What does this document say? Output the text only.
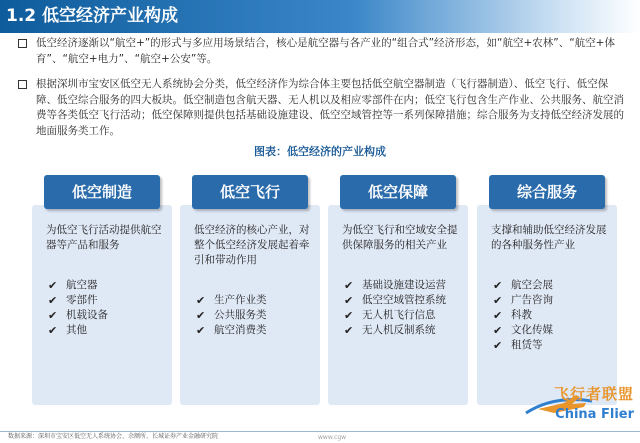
1.2 低空经济产业构成
低空经济逐渐以“航空+”的形式与多应用场景结合，核心是航空器与各产业的“组合式”经济形态，如“航空+农林”、“航空+体育”、“航空+电力”、“航空+公安”等。
根据深圳市宝安区低空无人系统协会分类，低空经济作为综合体主要包括低空航空器制造（飞行器制造）、低空飞行、低空保障、低空综合服务的四大板块。低空制造包含航天器、无人机以及相应零部件在内；低空飞行包含生产作业、公共服务、航空消费等各类低空飞行活动；低空保障则提供包括基础设施建设、低空空域管控等一系列保障措施；综合服务为支持低空经济发展的地面服务类工作。
图表：低空经济的产业构成
低空制造
为低空飞行活动提供航空器等产品和服务
✔ 航空器
✔ 零部件
✔ 机载设备
✔ 其他
低空飞行
低空经济的核心产业，对整个低空经济发展起着牵引和带动作用
✔ 生产作业类
✔ 公共服务类
✔ 航空消费类
低空保障
为低空飞行和空域安全提供保障服务的相关产业
✔ 基础设施建设运营
✔ 低空空域管控系统
✔ 无人机飞行信息
✔ 无人机反制系统
综合服务
支撑和辅助低空经济发展的各种服务性产业
✔ 航空会展
✔ 广告咨询
✔ 科教
✔ 文化传媒
✔ 租赁等
飞行者联盟
China Flier
数据来源：深圳市宝安区低空无人系统协会、余额所、长城证券产业金融研究院	www.cgw
